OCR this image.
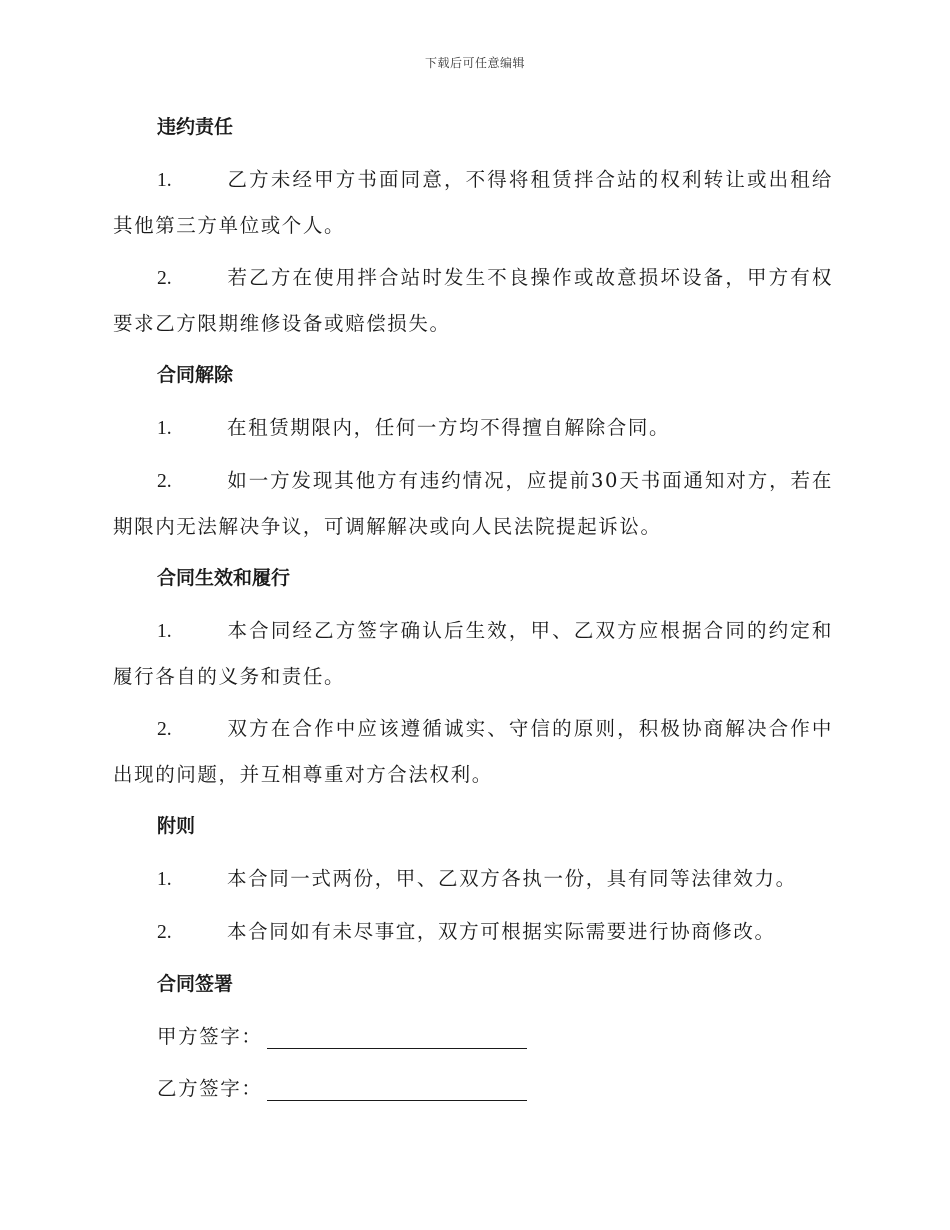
下载后可任意编辑
违约责任
1.	乙方未经甲方书面同意，不得将租赁拌合站的权利转让或出租给其他第三方单位或个人。
2.	若乙方在使用拌合站时发生不良操作或故意损坏设备，甲方有权要求乙方限期维修设备或赔偿损失。
合同解除
1.	在租赁期限内，任何一方均不得擅自解除合同。
2.	如一方发现其他方有违约情况，应提前30天书面通知对方，若在期限内无法解决争议，可调解解决或向人民法院提起诉讼。
合同生效和履行
1.	本合同经乙方签字确认后生效，甲、乙双方应根据合同的约定和履行各自的义务和责任。
2.	双方在合作中应该遵循诚实、守信的原则，积极协商解决合作中出现的问题，并互相尊重对方合法权利。
附则
1.	本合同一式两份，甲、乙双方各执一份，具有同等法律效力。
2.	本合同如有未尽事宜，双方可根据实际需要进行协商修改。
合同签署
甲方签字：
乙方签字：
